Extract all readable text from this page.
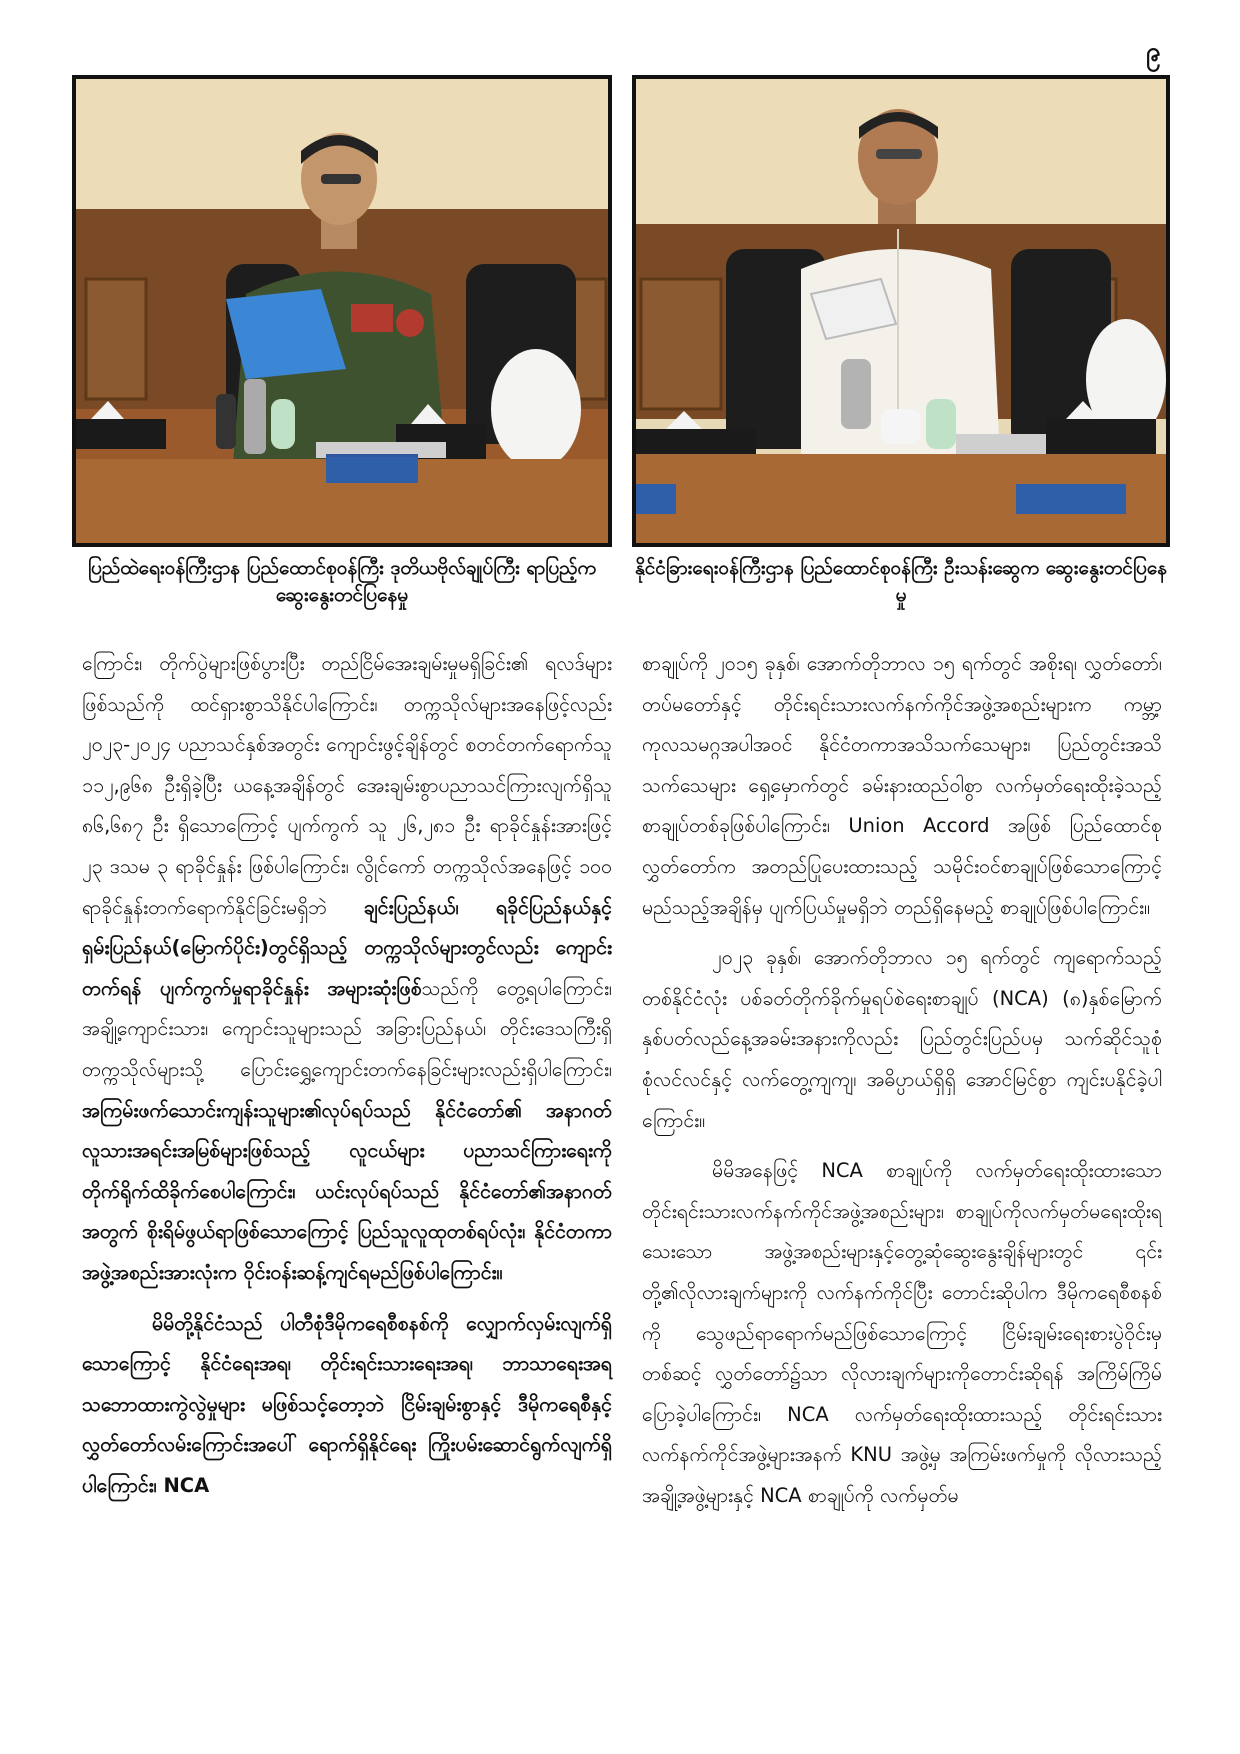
၉
ပြည်ထဲရေးဝန်ကြီးဌာန ပြည်ထောင်စုဝန်ကြီး ဒုတိယဗိုလ်ချုပ်ကြီး ရာပြည့်က ဆွေးနွေးတင်ပြနေမှု
နိုင်ငံခြားရေးဝန်ကြီးဌာန ပြည်ထောင်စုဝန်ကြီး ဦးသန်းဆွေက ဆွေးနွေးတင်ပြနေမှု

ကြောင်း၊ တိုက်ပွဲများဖြစ်ပွားပြီး တည်ငြိမ်အေးချမ်းမှုမရှိခြင်း၏ ရလဒ်များဖြစ်သည်ကို ထင်ရှားစွာသိနိုင်ပါကြောင်း၊ တက္ကသိုလ်များအနေဖြင့်လည်း ၂၀၂၃-၂၀၂၄ ပညာသင်နှစ်အတွင်း ကျောင်းဖွင့်ချိန်တွင် စတင်တက်ရောက်သူ ၁၁၂,၉၆၈ ဦးရှိခဲ့ပြီး ယနေ့အချိန်တွင် အေးချမ်းစွာပညာသင်ကြားလျက်ရှိသူ ၈၆,၆၈၇ ဦး ရှိသောကြောင့် ပျက်ကွက် သူ ၂၆,၂၈၁ ဦး ရာခိုင်နှုန်းအားဖြင့် ၂၃ ဒသမ ၃ ရာခိုင်နှုန်း ဖြစ်ပါကြောင်း၊ လွိုင်ကော် တက္ကသိုလ်အနေဖြင့် ၁၀၀ ရာခိုင်နှုန်းတက်ရောက်နိုင်ခြင်းမရှိဘဲ ချင်းပြည်နယ်၊ ရခိုင်ပြည်နယ်နှင့် ရှမ်းပြည်နယ်(မြောက်ပိုင်း)တွင်ရှိသည့် တက္ကသိုလ်များတွင်လည်း ကျောင်းတက်ရန် ပျက်ကွက်မှုရာခိုင်နှုန်း အများဆုံးဖြစ်သည်ကို တွေ့ရပါကြောင်း၊ အချို့ကျောင်းသား၊ ကျောင်းသူများသည် အခြားပြည်နယ်၊ တိုင်းဒေသကြီးရှိ တက္ကသိုလ်များသို့ ပြောင်းရွှေ့ကျောင်းတက်နေခြင်းများလည်းရှိပါကြောင်း၊ အကြမ်းဖက်သောင်းကျန်းသူများ၏လုပ်ရပ်သည် နိုင်ငံတော်၏ အနာဂတ်လူသားအရင်းအမြစ်များဖြစ်သည့် လူငယ်များ ပညာသင်ကြားရေးကို တိုက်ရိုက်ထိခိုက်စေပါကြောင်း၊ ယင်းလုပ်ရပ်သည် နိုင်ငံတော်၏အနာဂတ်အတွက် စိုးရိမ်ဖွယ်ရာဖြစ်သောကြောင့် ပြည်သူလူထုတစ်ရပ်လုံး၊ နိုင်ငံတကာအဖွဲ့အစည်းအားလုံးက ဝိုင်းဝန်းဆန့်ကျင်ရမည်ဖြစ်ပါကြောင်း။

မိမိတို့နိုင်ငံသည် ပါတီစုံဒီမိုကရေစီစနစ်ကို လျှောက်လှမ်းလျက်ရှိသောကြောင့် နိုင်ငံရေးအရ၊ တိုင်းရင်းသားရေးအရ၊ ဘာသာရေးအရ သဘောထားကွဲလွဲမှုများ မဖြစ်သင့်တော့ဘဲ ငြိမ်းချမ်းစွာနှင့် ဒီမိုကရေစီနှင့်လွှတ်တော်လမ်းကြောင်းအပေါ် ရောက်ရှိနိုင်ရေး ကြိုးပမ်းဆောင်ရွက်လျက်ရှိပါကြောင်း၊ NCA

စာချုပ်ကို ၂၀၁၅ ခုနှစ်၊ အောက်တိုဘာလ ၁၅ ရက်တွင် အစိုးရ၊ လွှတ်တော်၊ တပ်မတော်နှင့် တိုင်းရင်းသားလက်နက်ကိုင်အဖွဲ့အစည်းများက ကမ္ဘာ့ကုလသမဂ္ဂအပါအဝင် နိုင်ငံတကာအသိသက်သေများ၊ ပြည်တွင်းအသိသက်သေများ ရှေ့မှောက်တွင် ခမ်းနားထည်ဝါစွာ လက်မှတ်ရေးထိုးခဲ့သည့် စာချုပ်တစ်ခုဖြစ်ပါကြောင်း၊ Union Accord အဖြစ် ပြည်ထောင်စုလွှတ်တော်က အတည်ပြုပေးထားသည့် သမိုင်းဝင်စာချုပ်ဖြစ်သောကြောင့် မည်သည့်အချိန်မှ ပျက်ပြယ်မှုမရှိဘဲ တည်ရှိနေမည့် စာချုပ်ဖြစ်ပါကြောင်း။

၂၀၂၃ ခုနှစ်၊ အောက်တိုဘာလ ၁၅ ရက်တွင် ကျရောက်သည့် တစ်နိုင်ငံလုံး ပစ်ခတ်တိုက်ခိုက်မှုရပ်စဲရေးစာချုပ် (NCA) (၈)နှစ်မြောက် နှစ်ပတ်လည်နေ့အခမ်းအနားကိုလည်း ပြည်တွင်းပြည်ပမှ သက်ဆိုင်သူစုံစုံလင်လင်နှင့် လက်တွေ့ကျကျ၊ အဓိပ္ပာယ်ရှိရှိ အောင်မြင်စွာ ကျင်းပနိုင်ခဲ့ပါကြောင်း။

မိမိအနေဖြင့် NCA စာချုပ်ကို လက်မှတ်ရေးထိုးထားသော တိုင်းရင်းသားလက်နက်ကိုင်အဖွဲ့အစည်းများ၊ စာချုပ်ကိုလက်မှတ်မရေးထိုးရသေးသော အဖွဲ့အစည်းများနှင့်တွေ့ဆုံဆွေးနွေးချိန်များတွင် ၎င်းတို့၏လိုလားချက်များကို လက်နက်ကိုင်ပြီး တောင်းဆိုပါက ဒီမိုကရေစီစနစ်ကို သွေဖည်ရာရောက်မည်ဖြစ်သောကြောင့် ငြိမ်းချမ်းရေးစားပွဲဝိုင်းမှတစ်ဆင့် လွှတ်တော်၌သာ လိုလားချက်များကိုတောင်းဆိုရန် အကြိမ်ကြိမ်ပြောခဲ့ပါကြောင်း၊ NCA လက်မှတ်ရေးထိုးထားသည့် တိုင်းရင်းသားလက်နက်ကိုင်အဖွဲ့များအနက် KNU အဖွဲ့မှ အကြမ်းဖက်မှုကို လိုလားသည့် အချို့အဖွဲ့များနှင့် NCA စာချုပ်ကို လက်မှတ်မ
